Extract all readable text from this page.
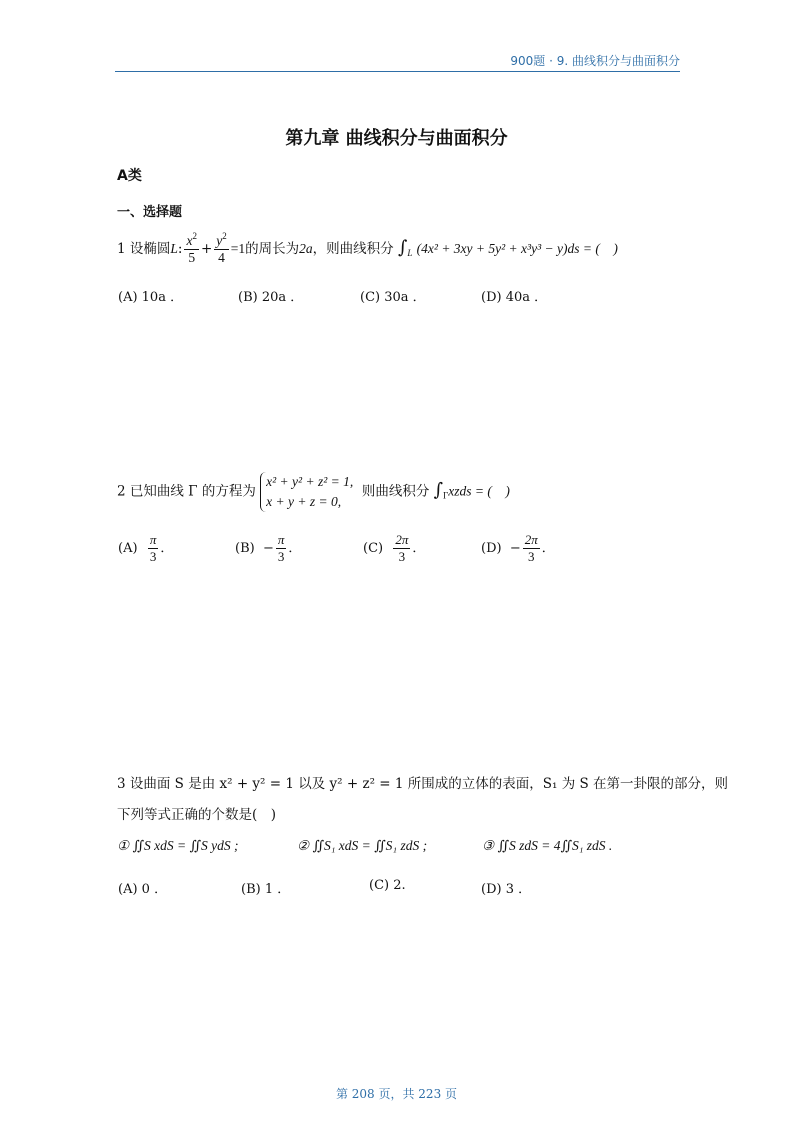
900题 · 9. 曲线积分与曲面积分
第九章 曲线积分与曲面积分
A类
一、选择题
1 设椭圆L: $\frac{x^2}{5} + \frac{y^2}{4} =1$的周长为2a，则曲线积分 $\int_L$ (4x² + 3xy + 5y² + x³y³ − y)ds = (　)
(A) 10a ．	(B) 20a ．	(C) 30a ．	(D) 40a ．
2 已知曲线 Γ 的方程为
x² + y² + z² = 1,
x + y + z = 0,
则曲线积分 $\int_\Gamma xzds$ = (　)
$(A) \frac{\pi}{3}$ ．	$(B) - \frac{\pi}{3}$ ．	$(C) \frac{2\pi}{3}$ ．	$(D) - \frac{2\pi}{3}$ ．
3 设曲面 S 是由 x² + y² = 1 以及 y² + z² = 1 所围成的立体的表面，S₁ 为 S 在第一卦限的部分，则
下列等式正确的个数是(　)
① ∬S xdS = ∬S ydS ;	② ∬S₁ xdS = ∬S₁ zdS ;	③ ∬S zdS = 4∬S₁ zdS .
(A) 0 ．	(B) 1 ．	(C) 2.	(D) 3 ．
第 208 页，共 223 页
